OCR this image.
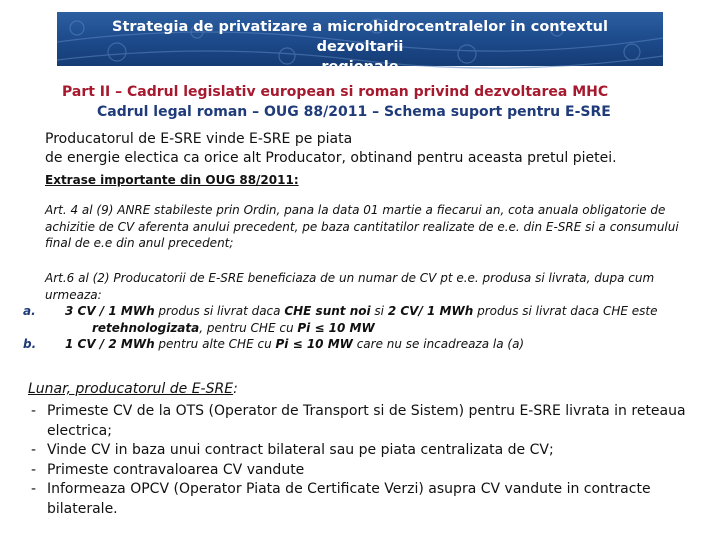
Strategia de privatizare a microhidrocentralelor in contextul dezvoltarii
regionale
Part II – Cadrul legislativ european si roman privind dezvoltarea MHC
Cadrul legal roman – OUG 88/2011 – Schema suport pentru E-SRE
Producatorul de E-SRE vinde E-SRE pe piata
de energie electica ca orice alt Producator, obtinand pentru aceasta pretul pietei.
Extrase importante din OUG 88/2011:
Art. 4 al (9) ANRE stabileste prin Ordin, pana la data 01 martie a fiecarui an, cota anuala obligatorie de achizitie de CV aferenta anului precedent, pe baza cantitatilor realizate de e.e. din E-SRE si a consumului final de e.e din anul precedent;
Art.6 al (2) Producatorii de E-SRE beneficiaza de un numar de CV pt e.e. produsa si livrata, dupa cum urmeaza:
a. 3 CV / 1 MWh produs si livrat daca CHE sunt noi si 2 CV/ 1 MWh produs si livrat daca CHE este
retehnologizata, pentru CHE cu Pi ≤ 10 MW
b. 1 CV / 2 MWh pentru alte CHE cu Pi ≤ 10 MW care nu se incadreaza la (a)
Lunar, producatorul de E-SRE:
- Primeste CV de la OTS (Operator de Transport si de Sistem) pentru E-SRE livrata in reteaua electrica;
- Vinde CV in baza unui contract bilateral sau pe piata centralizata de CV;
- Primeste contravaloarea CV vandute
- Informeaza OPCV (Operator Piata de Certificate Verzi) asupra CV vandute in contracte bilaterale.
